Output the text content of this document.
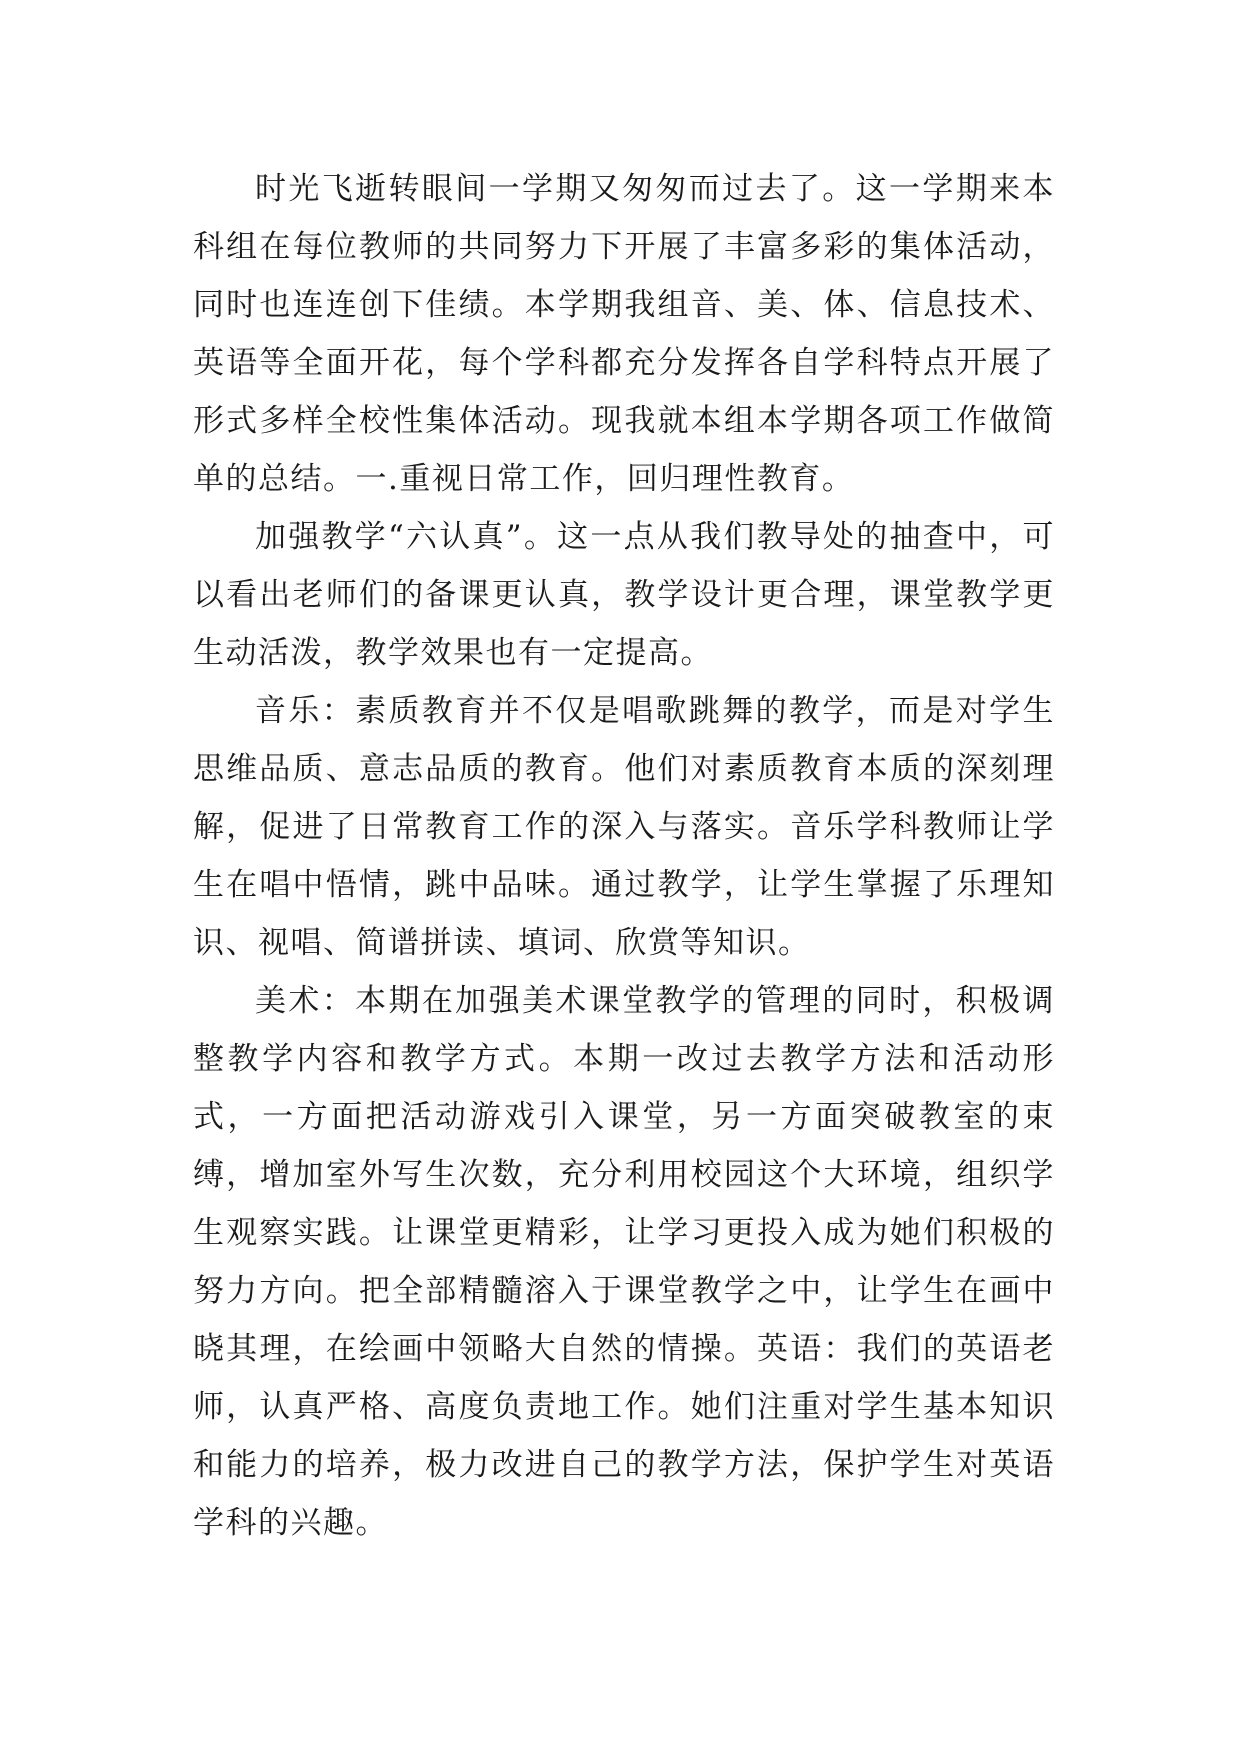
时光飞逝转眼间一学期又匆匆而过去了。这一学期来本科组在每位教师的共同努力下开展了丰富多彩的集体活动，同时也连连创下佳绩。本学期我组音、美、体、信息技术、英语等全面开花，每个学科都充分发挥各自学科特点开展了形式多样全校性集体活动。现我就本组本学期各项工作做简单的总结。一.重视日常工作，回归理性教育。

加强教学“六认真”。这一点从我们教导处的抽查中，可以看出老师们的备课更认真，教学设计更合理，课堂教学更生动活泼，教学效果也有一定提高。

音乐：素质教育并不仅是唱歌跳舞的教学，而是对学生思维品质、意志品质的教育。他们对素质教育本质的深刻理解，促进了日常教育工作的深入与落实。音乐学科教师让学生在唱中悟情，跳中品味。通过教学，让学生掌握了乐理知识、视唱、简谱拼读、填词、欣赏等知识。

美术：本期在加强美术课堂教学的管理的同时，积极调整教学内容和教学方式。本期一改过去教学方法和活动形式，一方面把活动游戏引入课堂，另一方面突破教室的束缚，增加室外写生次数，充分利用校园这个大环境，组织学生观察实践。让课堂更精彩，让学习更投入成为她们积极的努力方向。把全部精髓溶入于课堂教学之中，让学生在画中晓其理，在绘画中领略大自然的情操。英语：我们的英语老师，认真严格、高度负责地工作。她们注重对学生基本知识和能力的培养，极力改进自己的教学方法，保护学生对英语学科的兴趣。
